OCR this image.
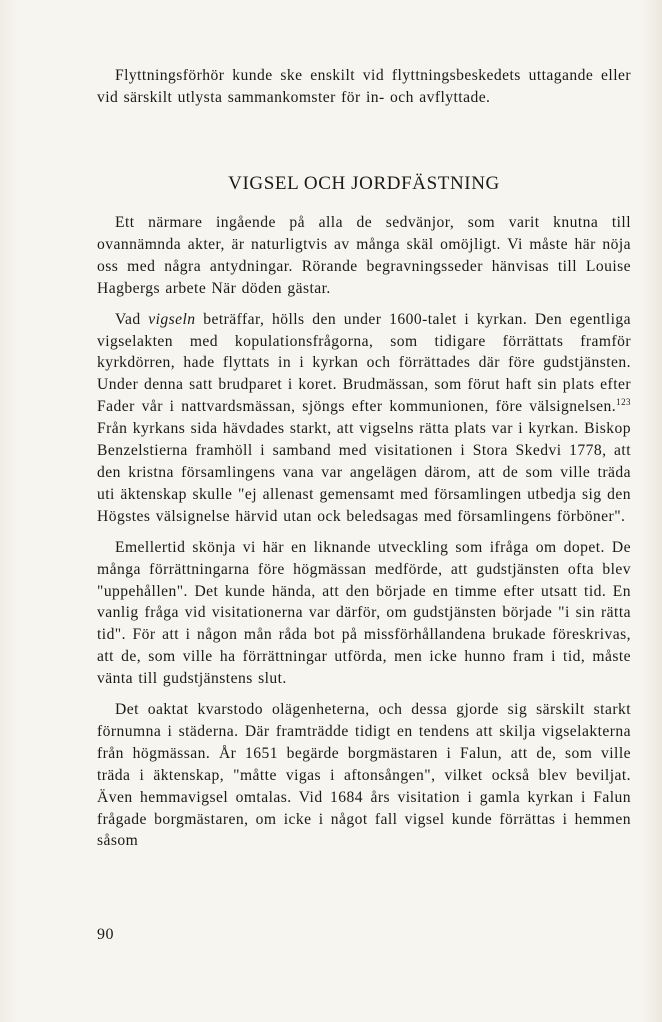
Flyttningsförhör kunde ske enskilt vid flyttningsbeskedets uttagande eller vid särskilt utlysta sammankomster för in- och avflyttade.

VIGSEL OCH JORDFÄSTNING

Ett närmare ingående på alla de sedvänjor, som varit knutna till ovannämnda akter, är naturligtvis av många skäl omöjligt. Vi måste här nöja oss med några antydningar. Rörande begravningsseder hänvisas till Louise Hagbergs arbete När döden gästar.

Vad vigseln beträffar, hölls den under 1600-talet i kyrkan. Den egentliga vigselakten med kopulationsfrågorna, som tidigare förrättats framför kyrkdörren, hade flyttats in i kyrkan och förrättades där före gudstjänsten. Under denna satt brudparet i koret. Brudmässan, som förut haft sin plats efter Fader vår i nattvardsmässan, sjöngs efter kommunionen, före välsignelsen.$^{123}$ Från kyrkans sida hävdades starkt, att vigselns rätta plats var i kyrkan. Biskop Benzelstierna framhöll i samband med visitationen i Stora Skedvi 1778, att den kristna församlingens vana var angelägen därom, att de som ville träda uti äktenskap skulle "ej allenast gemensamt med församlingen utbedja sig den Högstes välsignelse härvid utan ock beledsagas med församlingens förböner".

Emellertid skönja vi här en liknande utveckling som ifråga om dopet. De många förrättningarna före högmässan medförde, att gudstjänsten ofta blev "uppehållen". Det kunde hända, att den började en timme efter utsatt tid. En vanlig fråga vid visitationerna var därför, om gudstjänsten började "i sin rätta tid". För att i någon mån råda bot på missförhållandena brukade föreskrivas, att de, som ville ha förrättningar utförda, men icke hunno fram i tid, måste vänta till gudstjänstens slut.

Det oaktat kvarstodo olägenheterna, och dessa gjorde sig särskilt starkt förnumna i städerna. Där framträdde tidigt en tendens att skilja vigselakterna från högmässan. År 1651 begärde borgmästaren i Falun, att de, som ville träda i äktenskap, "måtte vigas i aftonsången", vilket också blev beviljat. Även hemmavigsel omtalas. Vid 1684 års visitation i gamla kyrkan i Falun frågade borgmästaren, om icke i något fall vigsel kunde förrättas i hemmen såsom

90
